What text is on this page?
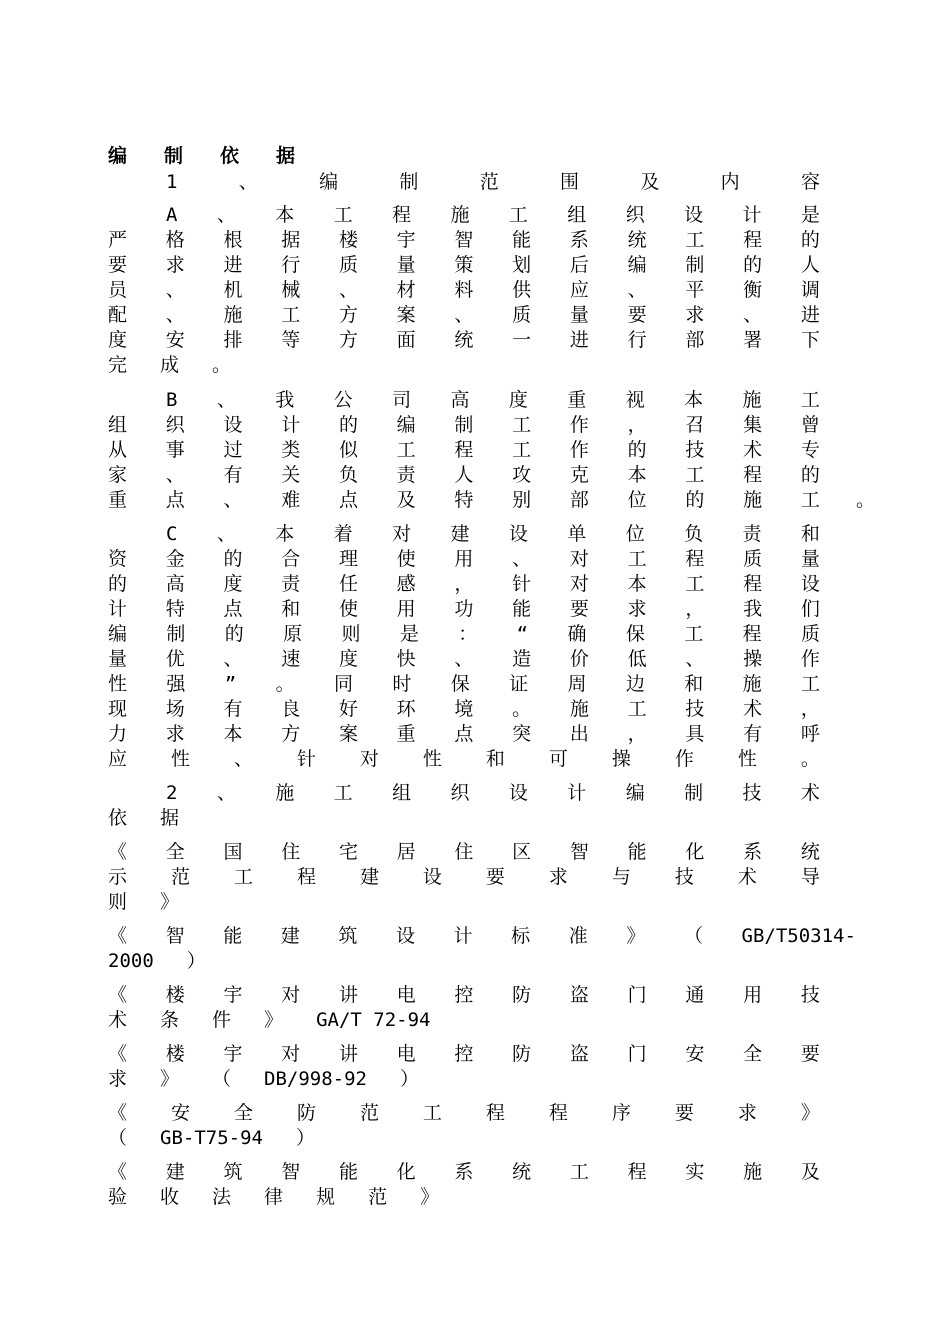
编 制 依 据
1	、	编	制	范	围	及	内	容
A 、 本 工 程 施 工 组 织 设 计 是
严 格 根 据 楼 宇 智 能 系 统 工 程 的
要 求 进 行 质 量 策 划 后 编 制 的 人
员 、 机 械 、 材 料 供 应 、 平 衡 调
配 、 施 工 方 案 、 质 量 要 求 、 进
度 安 排 等 方 面 统 一 进 行 部 署 下
完 成 。
B 、 我 公 司 高 度 重 视 本 施 工
组 织 设 计 的 编 制 工 作 ， 召 集 曾
从 事 过 类 似 工 程 工 作 的 技 术 专
家 、 有 关 负 责 人 攻 克 本 工 程 的
重 点 、 难 点 及 特 别 部 位 的 施 工
C 、 本 着 对 建 设 单 位 负 责 和
资 金 的 合 理 使 用 、 对 工 程 质 量
的 高 度 责 任 感 ， 针 对 本 工 程 设
计 特 点 和 使 用 功 能 要 求 ， 我 们
编 制 的 原 则 是 ： “ 确 保 工 程 质
量 优 、 速 度 快 、 造 价 低 、 操 作
性 强 ” 。 同 时 保 证 周 边 和 施 工
现 场 有 良 好 环 境 。 施 工 技 术 ，
力 求 本 方 案 重 点 突 出 ， 具 有 呼
应 性 、 针 对 性 和 可 操 作 性 。
2 、 施 工 组 织 设 计 编 制 技 术
依 据
《 全 国 住 宅 居 住 区 智 能 化 系 统
示 范 工 程 建 设 要 求 与 技 术 导
则 》
《 智 能 建 筑 设 计 标 准 》 （ GB/T50314-
2000 ）
《 楼 宇 对 讲 电 控 防 盗 门 通 用 技
术 条 件 》 GA/T 72-94
《 楼 宇 对 讲 电 控 防 盗 门 安 全 要
求 》 （ DB/998-92 ）
《 安 全 防 范 工 程 程 序 要 求 》
（ GB-T75-94 ）
《 建 筑 智 能 化 系 统 工 程 实 施 及
验 收 法 律 规 范 》
。
